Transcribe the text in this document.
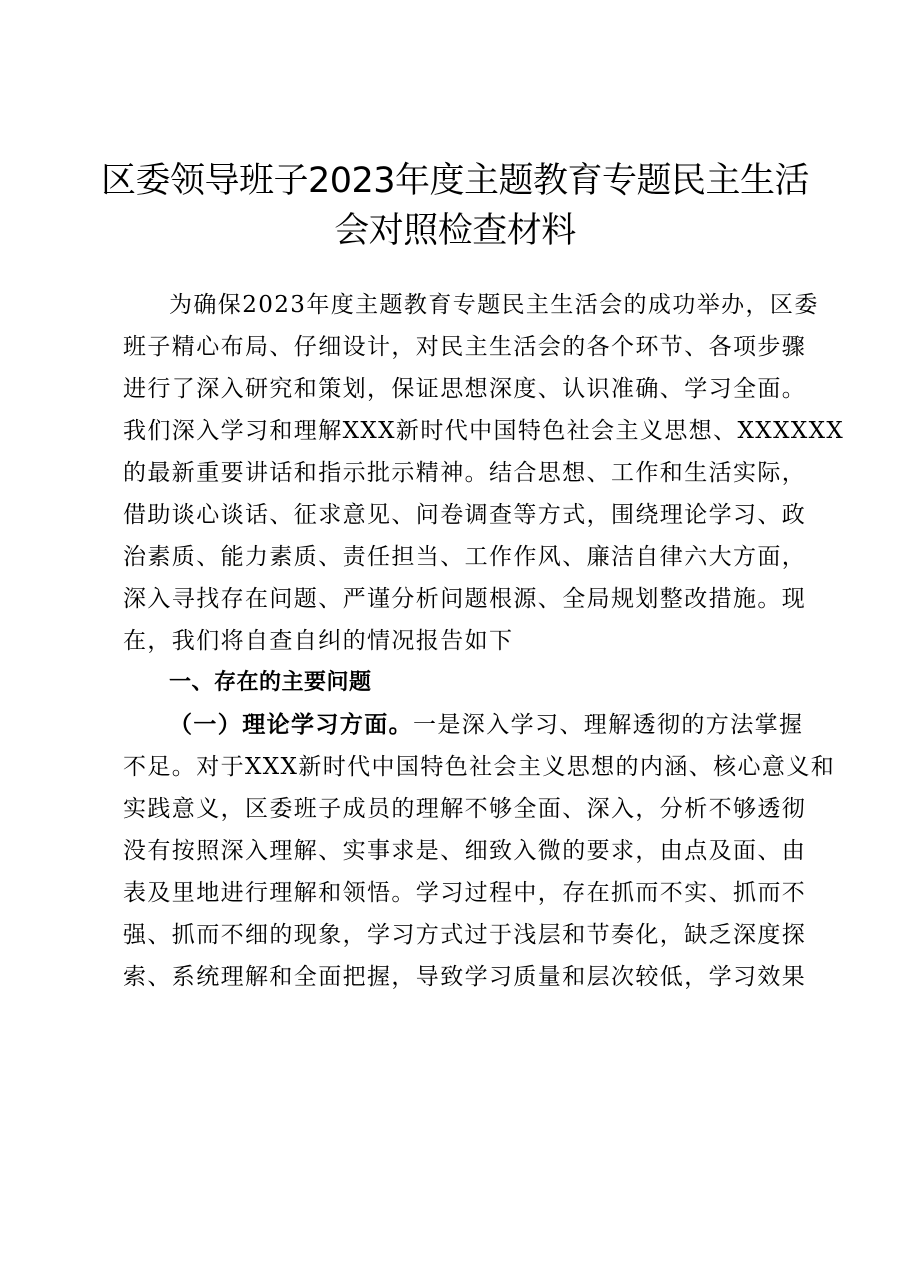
区委领导班子2023年度主题教育专题民主生活
会对照检查材料

为确保2023年度主题教育专题民主生活会的成功举办，区委
班子精心布局、仔细设计，对民主生活会的各个环节、各项步骤
进行了深入研究和策划，保证思想深度、认识准确、学习全面。
我们深入学习和理解XXX新时代中国特色社会主义思想、XXXXXX
的最新重要讲话和指示批示精神。结合思想、工作和生活实际，
借助谈心谈话、征求意见、问卷调查等方式，围绕理论学习、政
治素质、能力素质、责任担当、工作作风、廉洁自律六大方面，
深入寻找存在问题、严谨分析问题根源、全局规划整改措施。现
在，我们将自查自纠的情况报告如下

一、存在的主要问题

（一）理论学习方面。一是深入学习、理解透彻的方法掌握
不足。对于XXX新时代中国特色社会主义思想的内涵、核心意义和
实践意义，区委班子成员的理解不够全面、深入，分析不够透彻
没有按照深入理解、实事求是、细致入微的要求，由点及面、由
表及里地进行理解和领悟。学习过程中，存在抓而不实、抓而不
强、抓而不细的现象，学习方式过于浅层和节奏化，缺乏深度探
索、系统理解和全面把握，导致学习质量和层次较低，学习效果
